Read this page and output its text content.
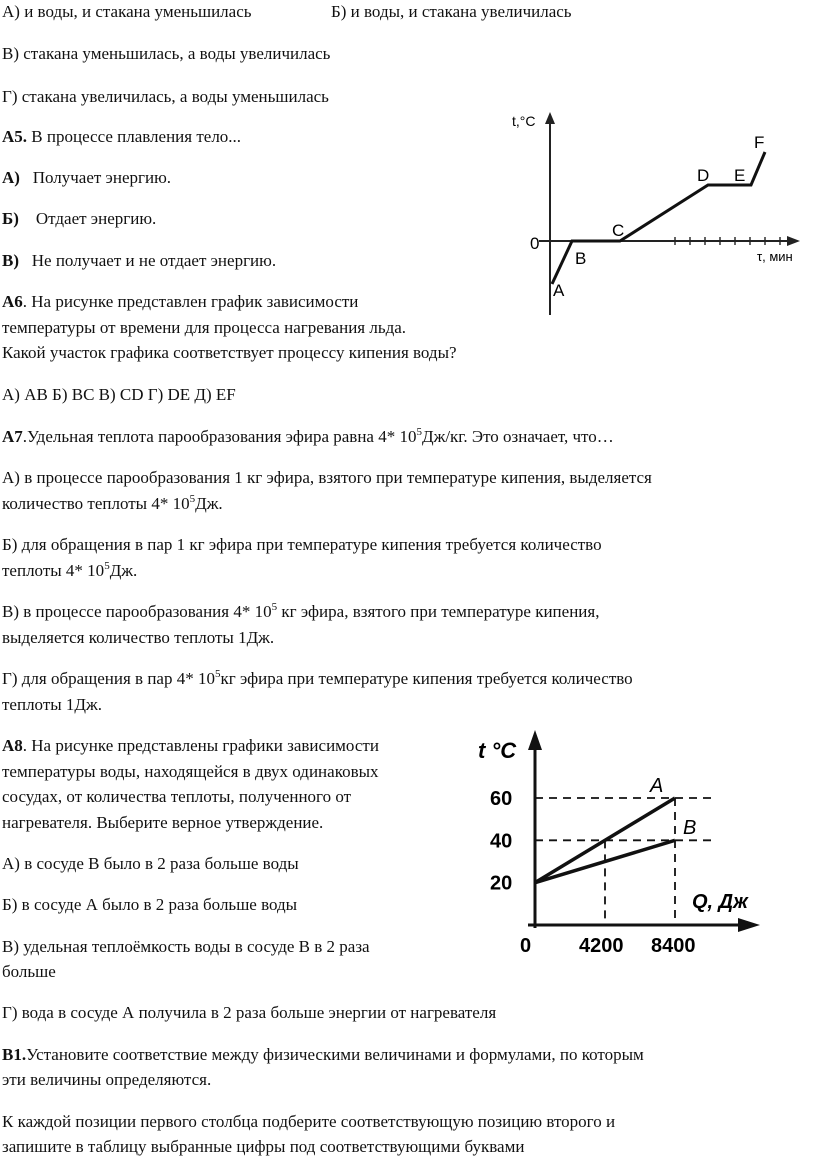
А) и воды, и стакана уменьшилась	Б) и воды, и стакана увеличилась
В) стакана уменьшилась, а воды увеличилась
Г) стакана увеличилась, а воды уменьшилась
А5. В процессе плавления тело...
А) Получает энергию.
Б) Отдает энергию.
В) Не получает и не отдает энергию.
А6. На рисунке представлен график зависимости
температуры от времени для процесса нагревания льда.
Какой участок графика соответствует процессу кипения воды?
А) АВ Б) ВС В) CD Г) DE Д) EF
t,°C
τ, мин
0
A
B
C
D E
F
А7.Удельная теплота парообразования эфира равна 4* $10^5Дж/кг$. Это означает, что…
А) в процессе парообразования 1 кг эфира, взятого при температуре кипения, выделяется
количество теплоты 4* $10^5Дж$.
Б) для обращения в пар 1 кг эфира при температуре кипения требуется количество
теплоты 4* $10^5Дж$.
В) в процессе парообразования 4* $10^5$ кг эфира, взятого при температуре кипения,
выделяется количество теплоты 1Дж.
Г) для обращения в пар 4* $10^5кг$ эфира при температуре кипения требуется количество
теплоты 1Дж.
А8. На рисунке представлены графики зависимости
температуры воды, находящейся в двух одинаковых
сосудах, от количества теплоты, полученного от
нагревателя. Выберите верное утверждение.
А) в сосуде В было в 2 раза больше воды
Б) в сосуде А было в 2 раза больше воды
В) удельная теплоёмкость воды в сосуде В в 2 раза
больше
Г) вода в сосуде А получила в 2 раза больше энергии от нагревателя
t °C
Q, Дж
A
B
60
40
20
0 4200 8400
В1.Установите соответствие между физическими величинами и формулами, по которым
эти величины определяются.
К каждой позиции первого столбца подберите соответствующую позицию второго и
запишите в таблицу выбранные цифры под соответствующими буквами
